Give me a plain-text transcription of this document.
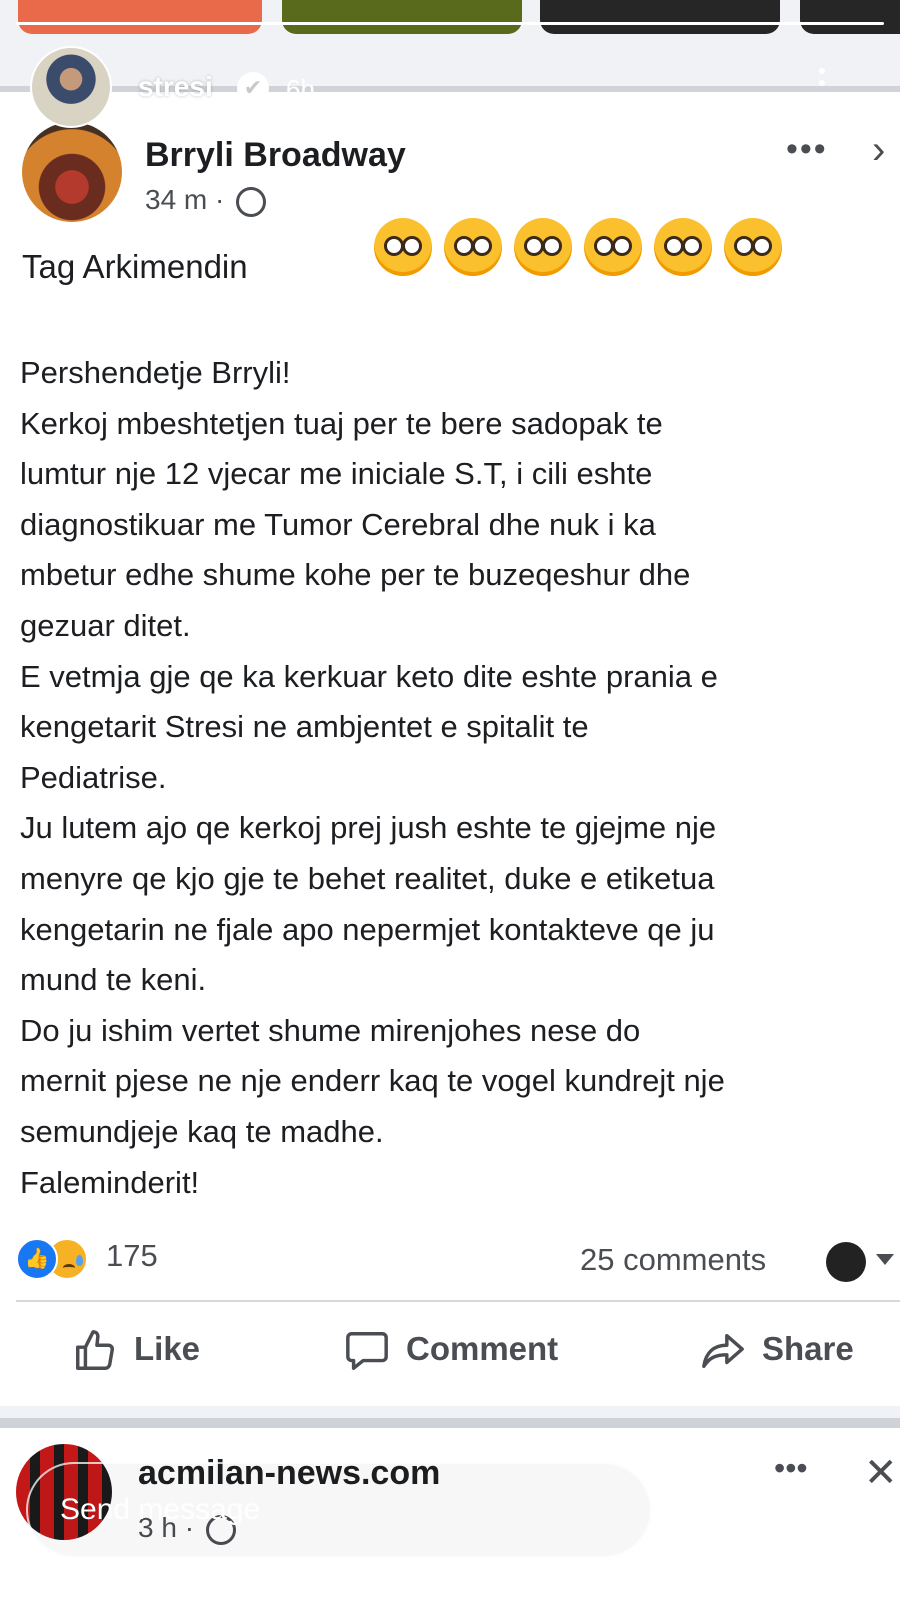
Brryli Broadway
34 m ·
••• ›
Tag Arkimendin
Pershendetje Brryli!
Kerkoj mbeshtetjen tuaj per te bere sadopak te
lumtur nje 12 vjecar me iniciale S.T, i cili eshte
diagnostikuar me Tumor Cerebral dhe nuk i ka
mbetur edhe shume kohe per te buzeqeshur dhe
gezuar ditet.
E vetmja gje qe ka kerkuar keto dite eshte prania e
kengetarit Stresi ne ambjentet e spitalit te
Pediatrise.
Ju lutem ajo qe kerkoj prej jush eshte te gjejme nje
menyre qe kjo gje te behet realitet, duke e etiketua
kengetarin ne fjale apo nepermjet kontakteve qe ju
mund te keni.
Do ju ishim vertet shume mirenjohes nese do
mernit pjese ne nje enderr kaq te vogel kundrejt nje
semundjeje kaq te madhe.
Faleminderit!
👍 175	25 comments
Like	Comment	Share
stresi	✔ 6h
●
●
●
acmilan-news.com
3 h ·
••• ✕
Send message
